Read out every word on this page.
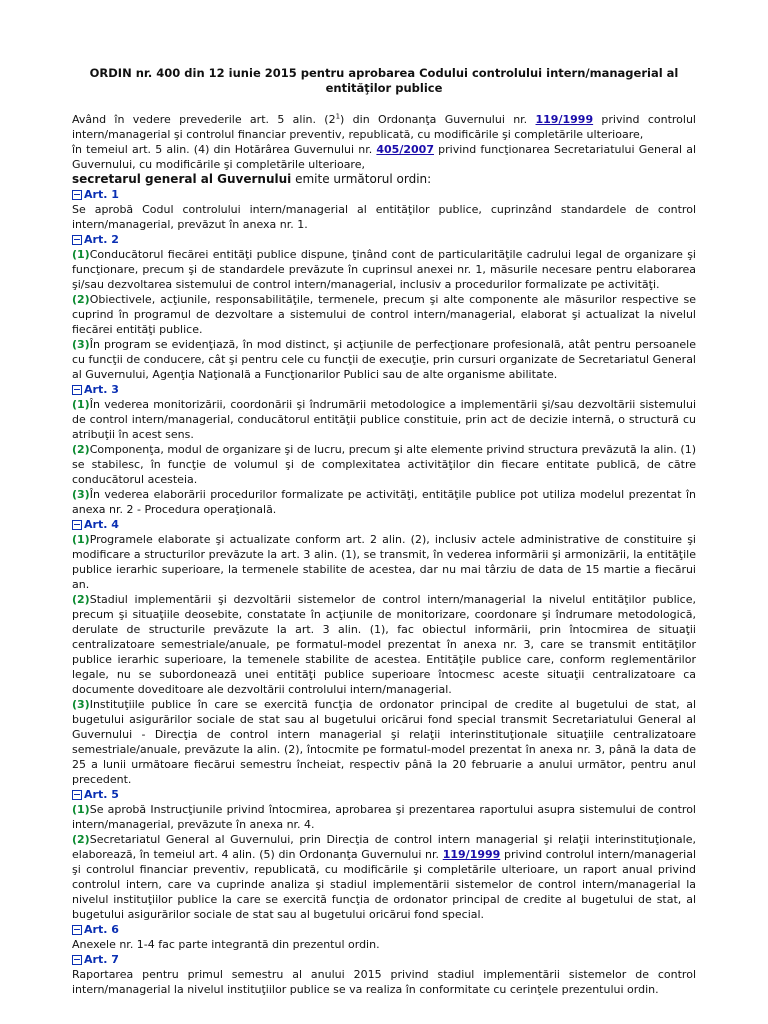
ORDIN nr. 400 din 12 iunie 2015 pentru aprobarea Codului controlului intern/managerial al entităţilor publice

Având în vedere prevederile art. 5 alin. $(2^1)$ din Ordonanţa Guvernului nr. 119/1999 privind controlul intern/managerial şi controlul financiar preventiv, republicată, cu modificările şi completările ulterioare,

în temeiul art. 5 alin. (4) din Hotărârea Guvernului nr. 405/2007 privind funcţionarea Secretariatului General al Guvernului, cu modificările şi completările ulterioare,

secretarul general al Guvernului emite următorul ordin:

Art. 1

Se aprobă Codul controlului intern/managerial al entităţilor publice, cuprinzând standardele de control intern/managerial, prevăzut în anexa nr. 1.

Art. 2

(1)Conducătorul fiecărei entităţi publice dispune, ţinând cont de particularităţile cadrului legal de organizare şi funcţionare, precum şi de standardele prevăzute în cuprinsul anexei nr. 1, măsurile necesare pentru elaborarea şi/sau dezvoltarea sistemului de control intern/managerial, inclusiv a procedurilor formalizate pe activităţi.

(2)Obiectivele, acţiunile, responsabilităţile, termenele, precum şi alte componente ale măsurilor respective se cuprind în programul de dezvoltare a sistemului de control intern/managerial, elaborat şi actualizat la nivelul fiecărei entităţi publice.

(3)În program se evidenţiază, în mod distinct, şi acţiunile de perfecţionare profesională, atât pentru persoanele cu funcţii de conducere, cât şi pentru cele cu funcţii de execuţie, prin cursuri organizate de Secretariatul General al Guvernului, Agenţia Naţională a Funcţionarilor Publici sau de alte organisme abilitate.

Art. 3

(1)În vederea monitorizării, coordonării şi îndrumării metodologice a implementării şi/sau dezvoltării sistemului de control intern/managerial, conducătorul entităţii publice constituie, prin act de decizie internă, o structură cu atribuţii în acest sens.

(2)Componenţa, modul de organizare şi de lucru, precum şi alte elemente privind structura prevăzută la alin. (1) se stabilesc, în funcţie de volumul şi de complexitatea activităţilor din fiecare entitate publică, de către conducătorul acesteia.

(3)În vederea elaborării procedurilor formalizate pe activităţi, entităţile publice pot utiliza modelul prezentat în anexa nr. 2 - Procedura operaţională.

Art. 4

(1)Programele elaborate şi actualizate conform art. 2 alin. (2), inclusiv actele administrative de constituire şi modificare a structurilor prevăzute la art. 3 alin. (1), se transmit, în vederea informării şi armonizării, la entităţile publice ierarhic superioare, la termenele stabilite de acestea, dar nu mai târziu de data de 15 martie a fiecărui an.

(2)Stadiul implementării şi dezvoltării sistemelor de control intern/managerial la nivelul entităţilor publice, precum şi situaţiile deosebite, constatate în acţiunile de monitorizare, coordonare şi îndrumare metodologică, derulate de structurile prevăzute la art. 3 alin. (1), fac obiectul informării, prin întocmirea de situaţii centralizatoare semestriale/anuale, pe formatul-model prezentat în anexa nr. 3, care se transmit entităţilor publice ierarhic superioare, la temenele stabilite de acestea. Entităţile publice care, conform reglementărilor legale, nu se subordonează unei entităţi publice superioare întocmesc aceste situaţii centralizatoare ca documente doveditoare ale dezvoltării controlului intern/managerial.

(3)Instituţiile publice în care se exercită funcţia de ordonator principal de credite al bugetului de stat, al bugetului asigurărilor sociale de stat sau al bugetului oricărui fond special transmit Secretariatului General al Guvernului - Direcţia de control intern managerial şi relaţii interinstituţionale situaţiile centralizatoare semestriale/anuale, prevăzute la alin. (2), întocmite pe formatul-model prezentat în anexa nr. 3, până la data de 25 a lunii următoare fiecărui semestru încheiat, respectiv până la 20 februarie a anului următor, pentru anul precedent.

Art. 5

(1)Se aprobă Instrucţiunile privind întocmirea, aprobarea şi prezentarea raportului asupra sistemului de control intern/managerial, prevăzute în anexa nr. 4.

(2)Secretariatul General al Guvernului, prin Direcţia de control intern managerial şi relaţii interinstituţionale, elaborează, în temeiul art. 4 alin. (5) din Ordonanţa Guvernului nr. 119/1999 privind controlul intern/managerial şi controlul financiar preventiv, republicată, cu modificările şi completările ulterioare, un raport anual privind controlul intern, care va cuprinde analiza şi stadiul implementării sistemelor de control intern/managerial la nivelul instituţiilor publice la care se exercită funcţia de ordonator principal de credite al bugetului de stat, al bugetului asigurărilor sociale de stat sau al bugetului oricărui fond special.

Art. 6

Anexele nr. 1-4 fac parte integrantă din prezentul ordin.

Art. 7

Raportarea pentru primul semestru al anului 2015 privind stadiul implementării sistemelor de control intern/managerial la nivelul instituţiilor publice se va realiza în conformitate cu cerinţele prezentului ordin.
